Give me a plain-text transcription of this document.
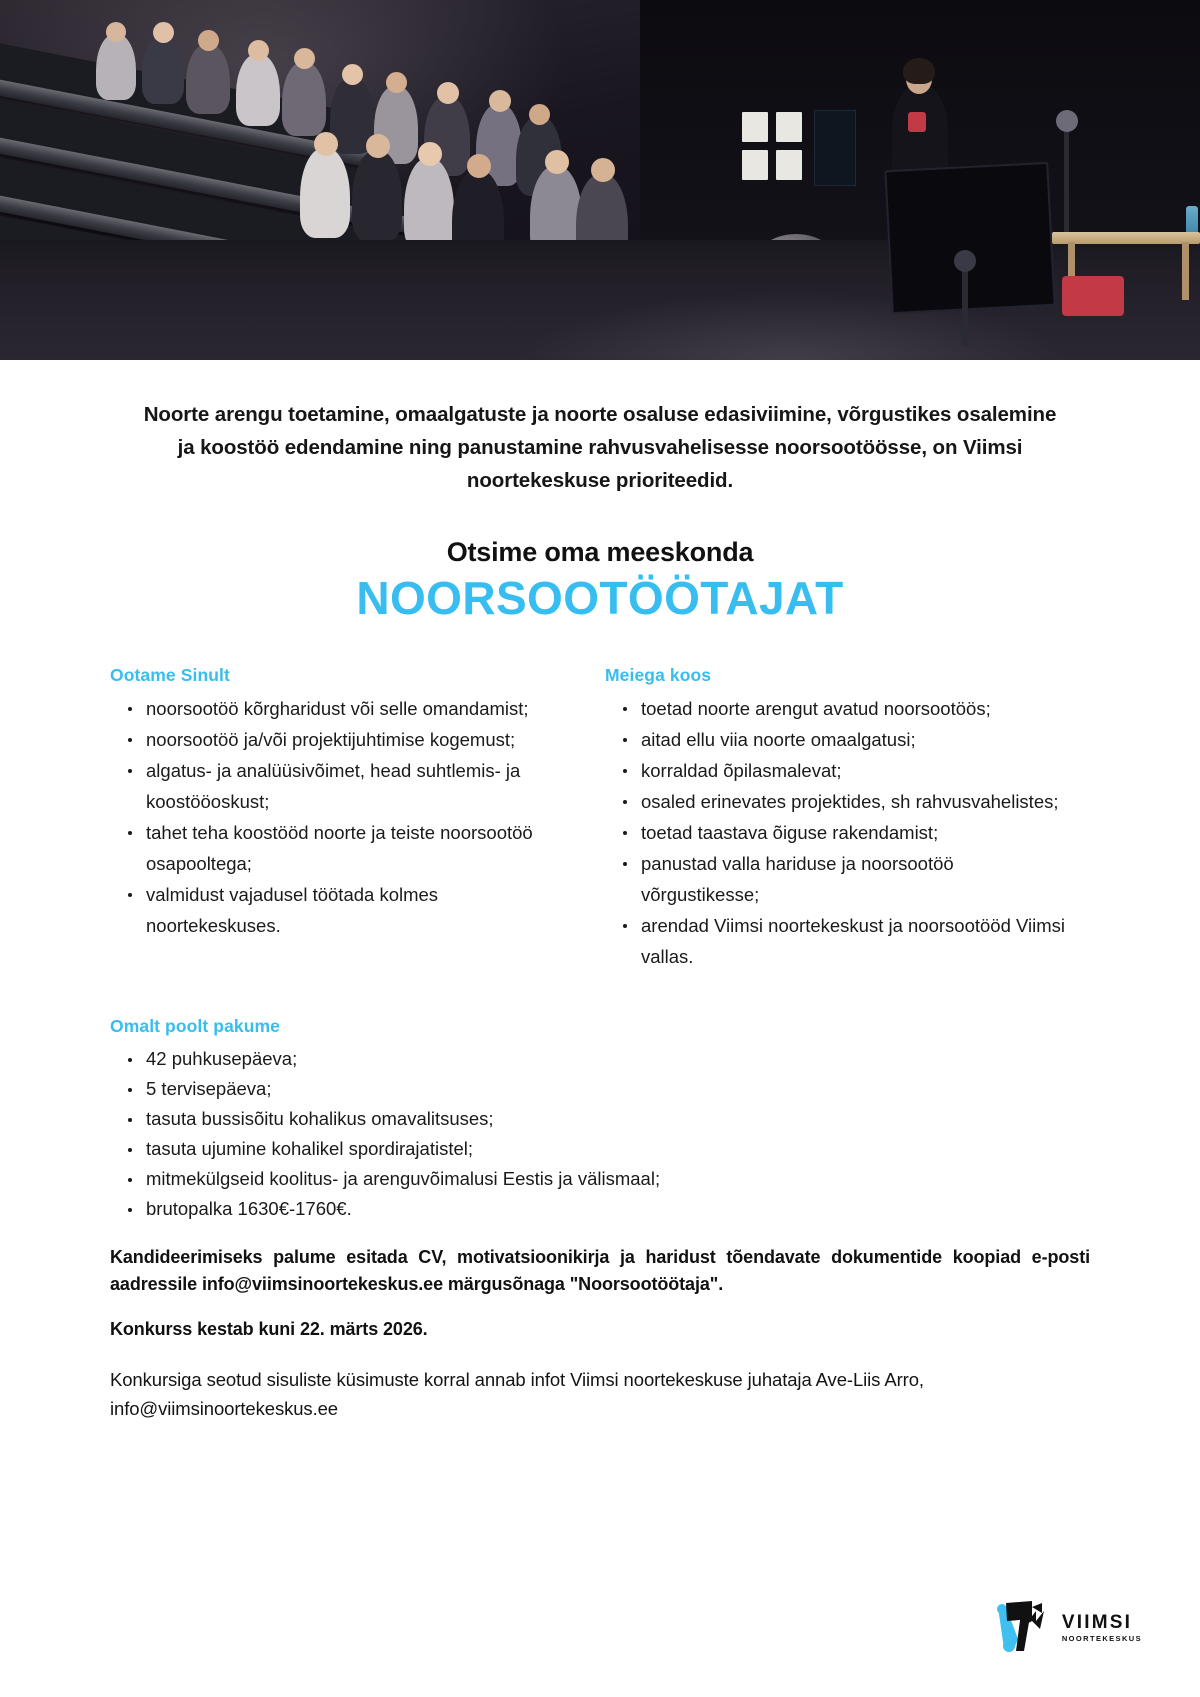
Noorte arengu toetamine, omaalgatuste ja noorte osaluse edasiviimine, võrgustikes osalemine ja koostöö edendamine ning panustamine rahvusvahelisesse noorsootöösse, on Viimsi noortekeskuse prioriteedid.

Otsime oma meeskonda
NOORSOOTÖÖTAJAT
Ootame Sinult
noorsootöö kõrgharidust või selle omandamist;
noorsootöö ja/või projektijuhtimise kogemust;
algatus- ja analüüsivõimet, head suhtlemis- ja koostööoskust;
tahet teha koostööd noorte ja teiste noorsootöö osapooltega;
valmidust vajadusel töötada kolmes noortekeskuses.
Meiega koos
toetad noorte arengut avatud noorsootöös;
aitad ellu viia noorte omaalgatusi;
korraldad õpilasmalevat;
osaled erinevates projektides, sh rahvusvahelistes;
toetad taastava õiguse rakendamist;
panustad valla hariduse ja noorsootöö võrgustikesse;
arendad Viimsi noortekeskust ja noorsootööd Viimsi vallas.
Omalt poolt pakume
42 puhkusepäeva;
5 tervisepäeva;
tasuta bussisõitu kohalikus omavalitsuses;
tasuta ujumine kohalikel spordirajatistel;
mitmekülgseid koolitus- ja arenguvõimalusi Eestis ja välismaal;
brutopalka 1630€-1760€.

Kandideerimiseks palume esitada CV, motivatsioonikirja ja haridust tõendavate dokumentide koopiad e-posti aadressile info@viimsinoortekeskus.ee märgusõnaga "Noorsootöötaja".

Konkurss kestab kuni 22. märts 2026.

Konkursiga seotud sisuliste küsimuste korral annab infot Viimsi noortekeskuse juhataja Ave-Liis Arro, info@viimsinoortekeskus.ee

VIIMSI
NOORTEKESKUS
